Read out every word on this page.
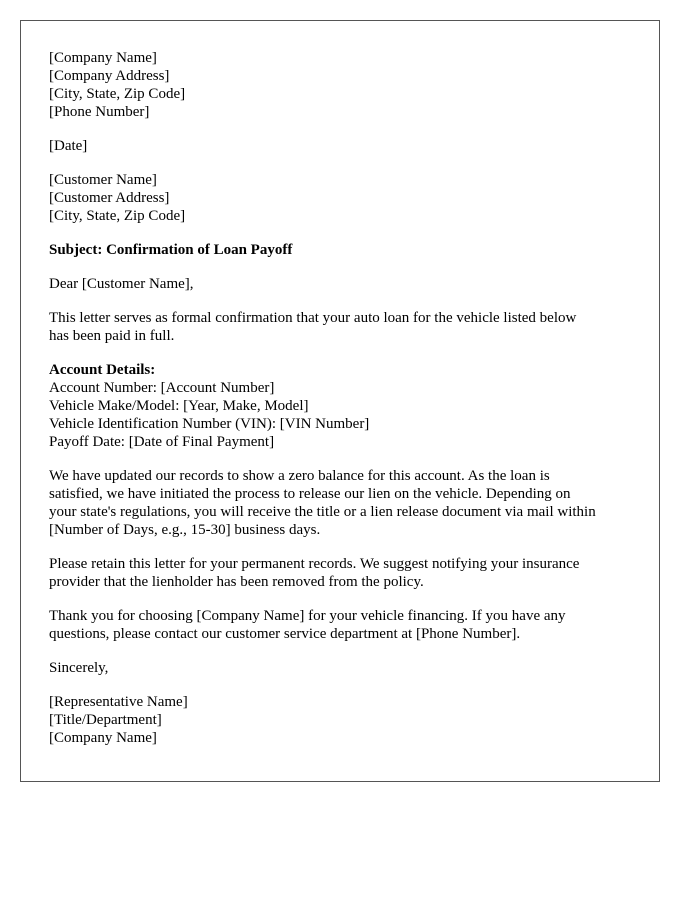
[Company Name]
[Company Address]
[City, State, Zip Code]
[Phone Number]
[Date]
[Customer Name]
[Customer Address]
[City, State, Zip Code]
Subject: Confirmation of Loan Payoff
Dear [Customer Name],
This letter serves as formal confirmation that your auto loan for the vehicle listed below
has been paid in full.
Account Details:
Account Number: [Account Number]
Vehicle Make/Model: [Year, Make, Model]
Vehicle Identification Number (VIN): [VIN Number]
Payoff Date: [Date of Final Payment]
We have updated our records to show a zero balance for this account. As the loan is
satisfied, we have initiated the process to release our lien on the vehicle. Depending on
your state's regulations, you will receive the title or a lien release document via mail within
[Number of Days, e.g., 15-30] business days.
Please retain this letter for your permanent records. We suggest notifying your insurance
provider that the lienholder has been removed from the policy.
Thank you for choosing [Company Name] for your vehicle financing. If you have any
questions, please contact our customer service department at [Phone Number].
Sincerely,
[Representative Name]
[Title/Department]
[Company Name]
